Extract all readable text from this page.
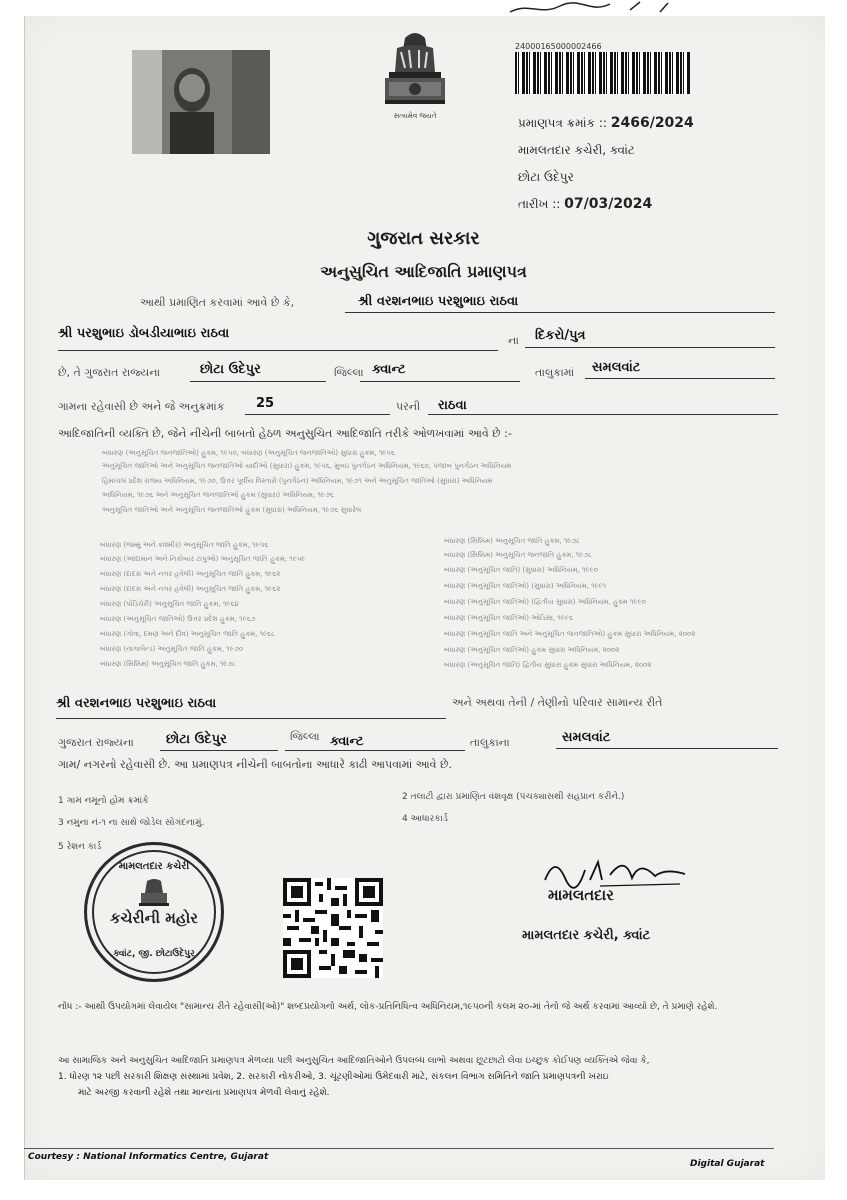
સત્યમેવ જયતે
24000165000002466
પ્રમાણપત્ર ક્રમાંક :: 2466/2024
મામલતદાર કચેરી, ક્વાંટ
છોટા ઉદેપુર
તારીખ :: 07/03/2024
ગુજરાત સરકાર
અનુસુચિત આદિજાતિ પ્રમાણપત્ર
આથી પ્રમાણિત કરવામાં આવે છે કે,	શ્રી વરશનભાઇ પરશુભાઇ રાઠવા
શ્રી પરશુભાઇ ડોબડીયાભાઇ રાઠવા	ના દિકરો/પુત્ર
છે, તે ગુજરાત રાજ્યના	છોટા ઉદેપુર	જિલ્લા ક્વાન્ટ	તાલુકામાં સમલવાંટ
ગામના રહેવાસી છે અને જે અનુક્રમાંક 25	પરની રાઠવા
આદિજાતિની વ્યક્તિ છે, જેને નીચેની બાબતો હેઠળ અનુસુચિત આદિજાતિ તરીકે ઓળખવામાં આવે છે :-
બંધારણ (અનુસૂચિત જનજાતિઓ) હુકમ, ૧૯૫૦, બંધારણ (અનુસૂચિત જનજાતિઓ) સુધારા હુકમ, ૧૯૫૬
અનુસૂચિત જાતિઓ અને અનુસૂચિત જનજાતિઓ યાદીઓ (સુધારા) હુકમ, ૧૯૫૬, મુંબઇ પુનર્ગઠન અધિનિયમ, ૧૯૬૦, પંજાબ પુનર્ગઠન અધિનિયમ
હિમાચલ પ્રદેશ રાજ્ય અધિનિયમ, ૧૯૭૦, ઉત્તર પૂર્વીય વિસ્તારો (પુનર્ગઠન) અધિનિયમ, ૧૯૭૧ અને અનુસૂચિત જાતિઓ (સુધારા) અધિનિયમ
અધિનિયમ, ૧૯૭૬ અને અનુસૂચિત જનજાતિઓ હુકમ (સુધારા) અધિનિયમ, ૧૯૭૬
અનુસૂચિત જાતિઓ અને અનુસૂચિત જનજાતિઓ હુકમ (સુધારા) અધિનિયમ, ૧૯૭૬ સુધારેલ
બંધારણ (જમ્મુ અને કાશ્મીર) અનુસૂચિત જાતિ હુકમ, ૧૯૫૬
બંધારણ (આંદામાન અને નિકોબાર ટાપુઓ) અનુસૂચિત જાતિ હુકમ, ૧૯૫૯
બંધારણ (દાદરા અને નગર હવેલી) અનુસૂચિત જાતિ હુકમ, ૧૯૬૨
બંધારણ (દાદરા અને નગર હવેલી) અનુસૂચિત જાતિ હુકમ, ૧૯૬૨
બંધારણ (પોંડિચેરી) અનુસૂચિત જાતિ હુકમ, ૧૯૬૪
બંધારણ (અનુસૂચિત જાતિઓ) ઉત્તર પ્રદેશ હુકમ, ૧૯૬૭
બંધારણ (ગોવા, દમણ અને દીવ) અનુસૂચિત જાતિ હુકમ, ૧૯૬૮
બંધારણ (નાગાલેન્ડ) અનુસૂચિત જાતિ હુકમ, ૧૯૭૦
બંધારણ (સિક્કિમ) અનુસૂચિત જાતિ હુકમ, ૧૯૭૮
બંધારણ (સિક્કિમ) અનુસૂચિત જાતિ હુકમ, ૧૯૭૮
બંધારણ (સિક્કિમ) અનુસૂચિત જનજાતિ હુકમ, ૧૯૭૮
બંધારણ (અનુસૂચિત જાતિ) (સુધારા) અધિનિયમ, ૧૯૯૦
બંધારણ (અનુસૂચિત જાતિઓ) (સુધારા) અધિનિયમ, ૧૯૯૧
બંધારણ (અનુસૂચિત જાતિઓ) (દ્વિતીય સુધારા) અધિનિયમ, હુકમ ૧૯૯૦
બંધારણ (અનુસૂચિત જાતિઓ) ઓડિસા, ૧૯૯૬
બંધારણ (અનુસૂચિત જાતિ અને અનુસૂચિત જનજાતિઓ) હુકમ સુધારા અધિનિયમ, ૨૦૦૨
બંધારણ (અનુસૂચિત જાતિઓ) હુકમ સુધારા અધિનિયમ, ૨૦૦૨
બંધારણ (અનુસૂચિત જાતિ) દ્વિતીય સુધારા હુકમ સુધારા અધિનિયમ, ૨૦૦૨
શ્રી વરશનભાઇ પરશુભાઇ રાઠવા	અને અથવા તેની / તેણીનો પરિવાર સામાન્ય રીતે
ગુજરાત રાજ્યના છોટા ઉદેપુર	જિલ્લા ક્વાન્ટ	તાલુકાના	સમલવાંટ
ગામ/ નગરનો રહેવાસી છે. આ પ્રમાણપત્ર નીચેની બાબતોના આધારે કાઢી આપવામાં આવે છે.
1 ગામ નમૂનો હોમ ક્રમાંકે	2 તલાટી દ્વારા પ્રમાણિત વંશવૃક્ષ (પંચક્યાસથી સહપ્રાન કરીને.)
3 નમુના નં-૧ ના સાથે જોડેલ સોગંદનામું.	4 આધારકાર્ડ
5 રેશન કાર્ડ
મામલતદાર કચેરી
કચેરીની મહોર
ક્વાંટ, જી. છોટાઉદેપુર
મામલતદાર
મામલતદાર કચેરી, ક્વાંટ
નોંધ :- આથી ઉપયોગમાં લેવાયેલ "સામાન્ય રીતે રહેવાસી(ઓ)" શબ્દપ્રયોગનો અર્થ, લોક-પ્રતિનિધિત્વ અધિનિયમ,૧૯૫૦ની કલમ ૨૦-માં તેનો જે અર્થ કરવામાં આવ્યો છે, તે પ્રમાણે રહેશે.
આ સામાજિક અને અનુસુચિત આદિજાતિ પ્રમાણપત્ર મેળવ્યા પછી અનુસુચિત આદિજાતિઓને ઉપલબ્ધ લાભો અથવા છૂટછાટો લેવા ઇચ્છુક કોઈપણ વ્યક્તિએ જેવા કે,
1. ધોરણ ૧૨ પછી સરકારી શિક્ષણ સંસ્થામાં પ્રવેશ, 2. સરકારી નોકરીઓ, 3. ચૂંટણીઓમાં ઉમેદવારી માટે, સંકલન વિભાગ સમિતિને જાતિ પ્રમાણપત્રની ખરાઇ
માટે અરજી કરવાની રહેશે તથા માન્યતા પ્રમાણપત્ર મેળવી લેવાનું રહેશે.
Courtesy : National Informatics Centre, Gujarat
Digital Gujarat
